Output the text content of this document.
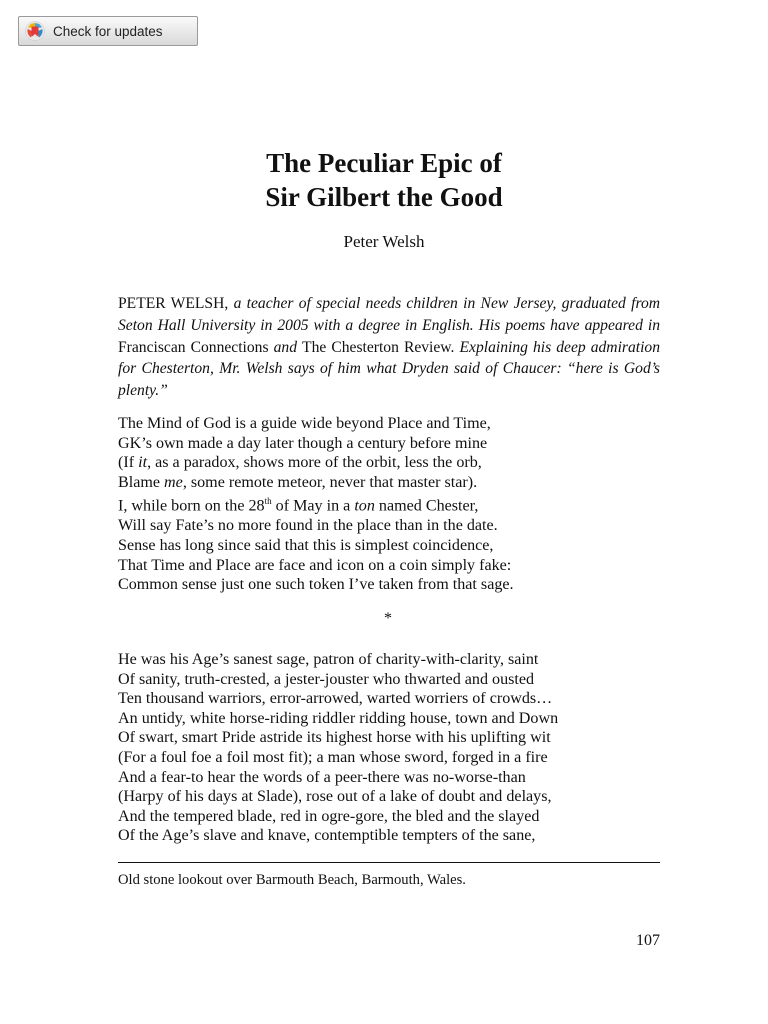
Check for updates
The Peculiar Epic of
Sir Gilbert the Good

Peter Welsh

PETER WELSH, a teacher of special needs children in New Jersey, graduated from Seton Hall University in 2005 with a degree in English. His poems have appeared in Franciscan Connections and The Chesterton Review. Explaining his deep admiration for Chesterton, Mr. Welsh says of him what Dryden said of Chaucer: “here is God’s plenty.”

The Mind of God is a guide wide beyond Place and Time,
GK’s own made a day later though a century before mine
(If it, as a paradox, shows more of the orbit, less the orb,
Blame me, some remote meteor, never that master star).
I, while born on the 28th of May in a ton named Chester,
Will say Fate’s no more found in the place than in the date.
Sense has long since said that this is simplest coincidence,
That Time and Place are face and icon on a coin simply fake:
Common sense just one such token I’ve taken from that sage.

*

He was his Age’s sanest sage, patron of charity-with-clarity, saint
Of sanity, truth-crested, a jester-jouster who thwarted and ousted
Ten thousand warriors, error-arrowed, warted worriers of crowds…
An untidy, white horse-riding riddler ridding house, town and Down
Of swart, smart Pride astride its highest horse with his uplifting wit
(For a foul foe a foil most fit); a man whose sword, forged in a fire
And a fear-to hear the words of a peer-there was no-worse-than
(Harpy of his days at Slade), rose out of a lake of doubt and delays,
And the tempered blade, red in ogre-gore, the bled and the slayed
Of the Age’s slave and knave, contemptible tempters of the sane,

Old stone lookout over Barmouth Beach, Barmouth, Wales.

107
